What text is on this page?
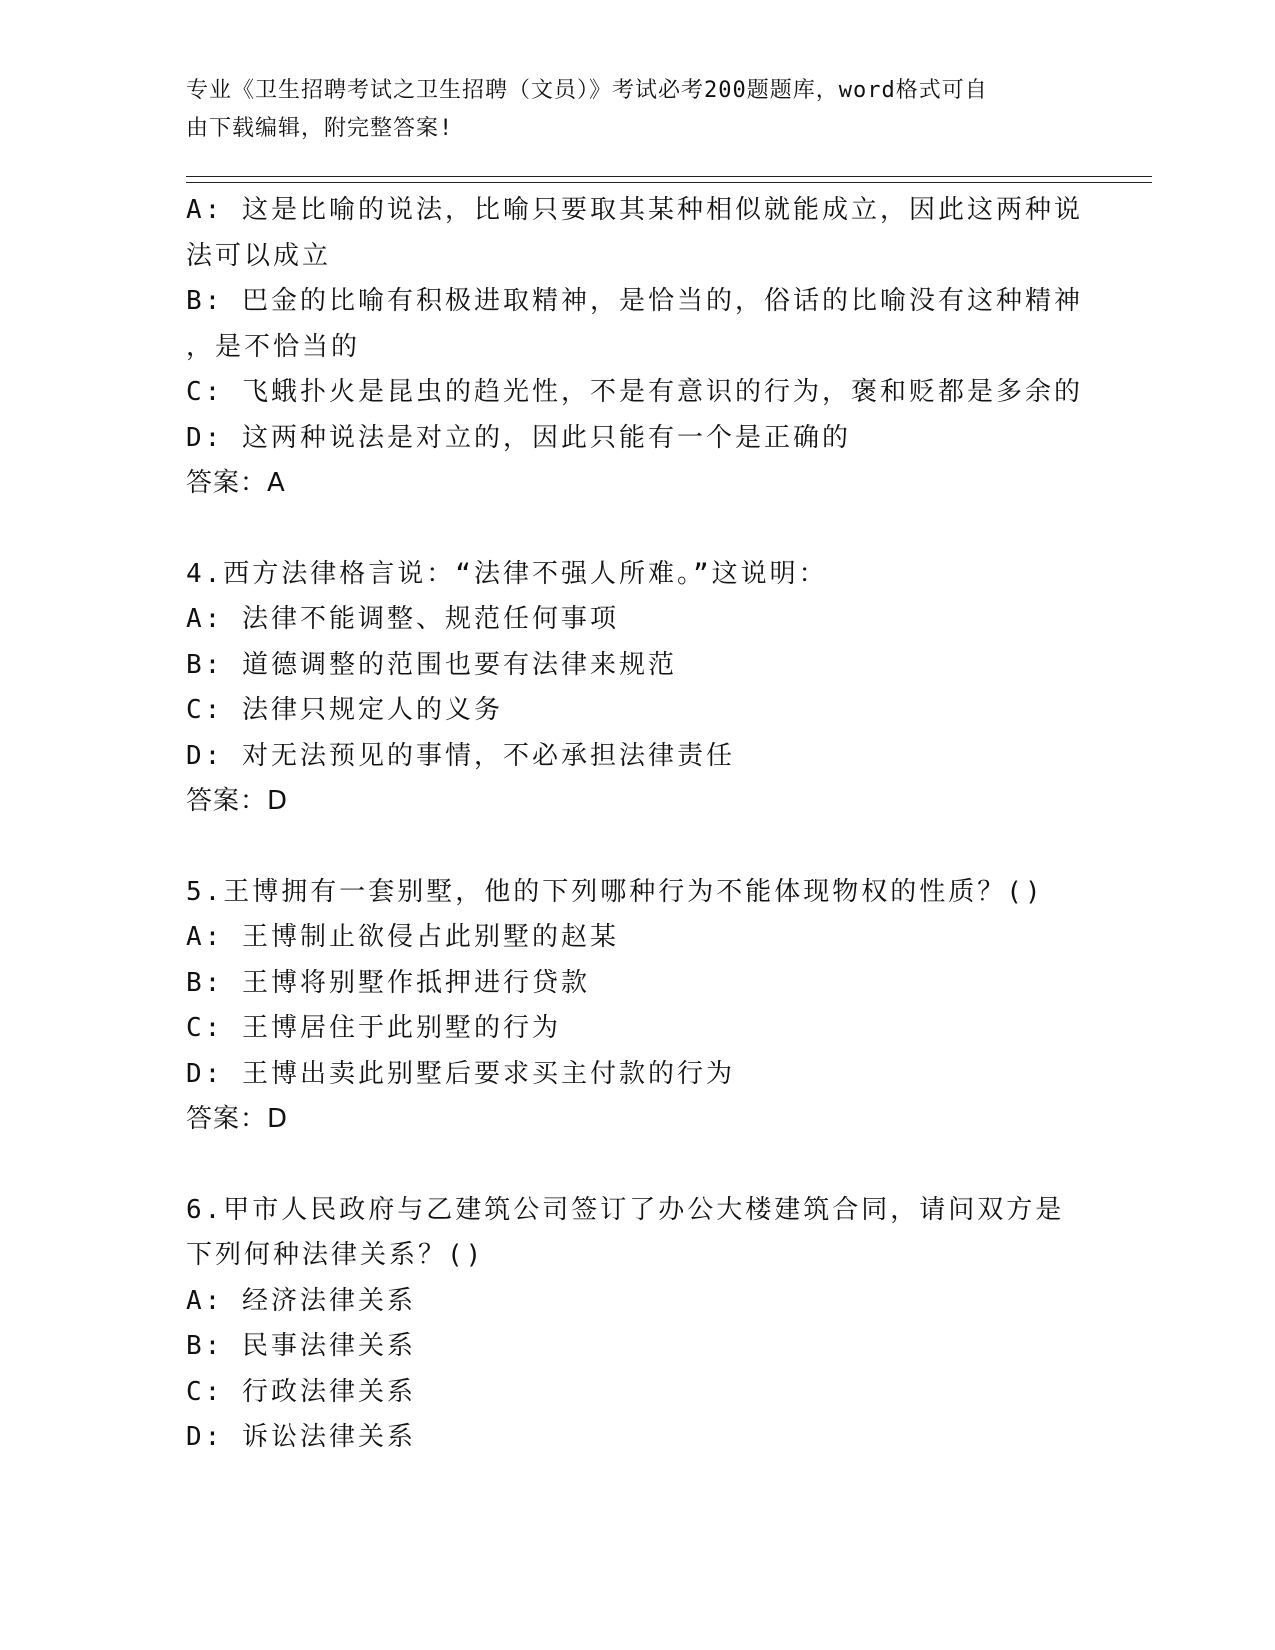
专业《卫生招聘考试之卫生招聘（文员）》考试必考200题题库，word格式可自
由下载编辑，附完整答案!
A: 这是比喻的说法，比喻只要取其某种相似就能成立，因此这两种说
法可以成立
B: 巴金的比喻有积极进取精神，是恰当的，俗话的比喻没有这种精神
，是不恰当的
C: 飞蛾扑火是昆虫的趋光性，不是有意识的行为，褒和贬都是多余的
D: 这两种说法是对立的，因此只能有一个是正确的
答案：A
4.西方法律格言说：“法律不强人所难。”这说明：
A: 法律不能调整、规范任何事项
B: 道德调整的范围也要有法律来规范
C: 法律只规定人的义务
D: 对无法预见的事情，不必承担法律责任
答案：D
5.王博拥有一套别墅，他的下列哪种行为不能体现物权的性质？()
A: 王博制止欲侵占此别墅的赵某
B: 王博将别墅作抵押进行贷款
C: 王博居住于此别墅的行为
D: 王博出卖此别墅后要求买主付款的行为
答案：D
6.甲市人民政府与乙建筑公司签订了办公大楼建筑合同，请问双方是
下列何种法律关系？()
A: 经济法律关系
B: 民事法律关系
C: 行政法律关系
D: 诉讼法律关系
